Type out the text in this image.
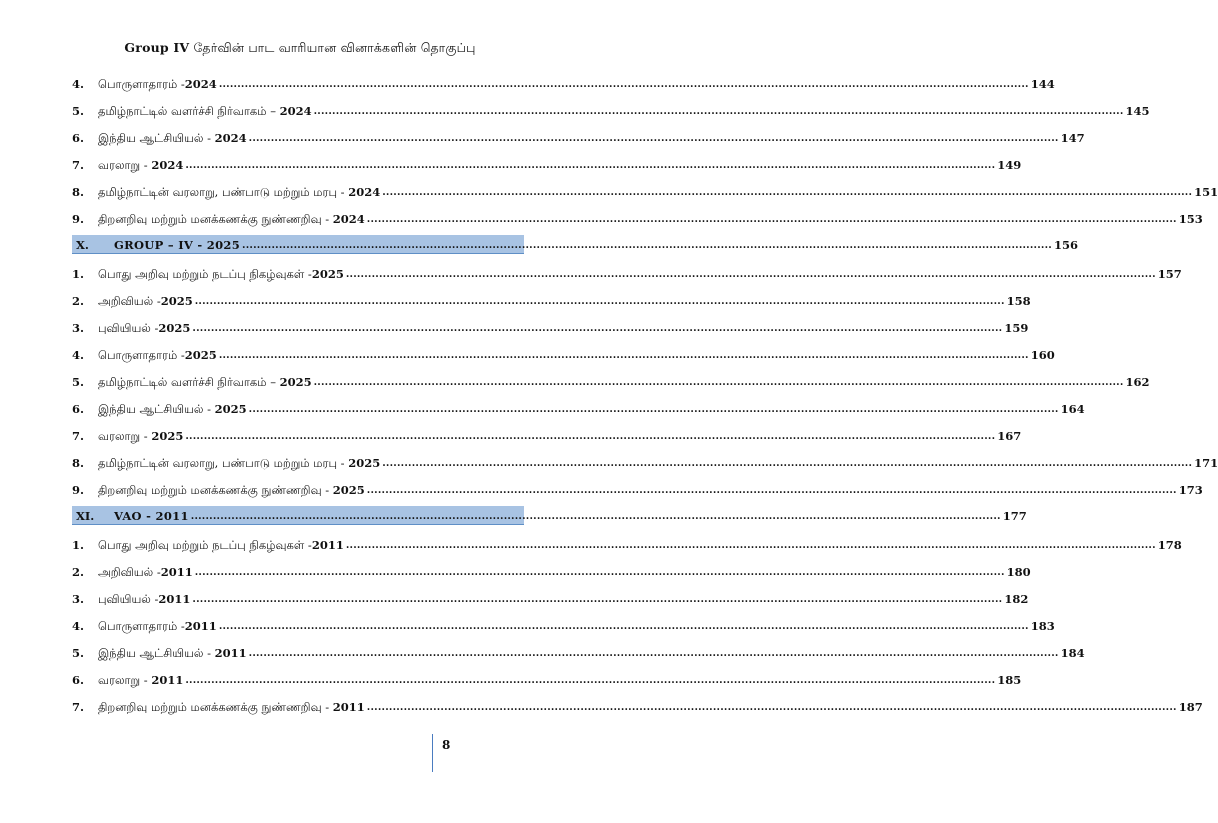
Group IV தேர்வின் பாட வாரியான வினாக்களின் தொகுப்பு
4.	பொருளாதாரம் -2024 ............................................................................................................................................................................................................................ 144
5.	தமிழ்நாட்டில் வளர்ச்சி நிர்வாகம் – 2024 ............................................................................................................................................................................................................................ 145
6.	இந்திய ஆட்சியியல் - 2024 ............................................................................................................................................................................................................................ 147
7.	வரலாறு - 2024 ............................................................................................................................................................................................................................ 149
8.	தமிழ்நாட்டின் வரலாறு, பண்பாடு மற்றும் மரபு - 2024 ............................................................................................................................................................................................................................ 151
9.	திறனறிவு மற்றும் மனக்கணக்கு நுண்ணறிவு - 2024 ............................................................................................................................................................................................................................ 153
X.	GROUP – IV - 2025 ............................................................................................................................................................................................................................ 156
1.	பொது அறிவு மற்றும் நடப்பு நிகழ்வுகள் -2025 ............................................................................................................................................................................................................................ 157
2.	அறிவியல் -2025 ............................................................................................................................................................................................................................ 158
3.	புவியியல் -2025 ............................................................................................................................................................................................................................ 159
4.	பொருளாதாரம் -2025 ............................................................................................................................................................................................................................ 160
5.	தமிழ்நாட்டில் வளர்ச்சி நிர்வாகம் – 2025 ............................................................................................................................................................................................................................ 162
6.	இந்திய ஆட்சியியல் - 2025 ............................................................................................................................................................................................................................ 164
7.	வரலாறு - 2025 ............................................................................................................................................................................................................................ 167
8.	தமிழ்நாட்டின் வரலாறு, பண்பாடு மற்றும் மரபு - 2025 ............................................................................................................................................................................................................................ 171
9.	திறனறிவு மற்றும் மனக்கணக்கு நுண்ணறிவு - 2025 ............................................................................................................................................................................................................................ 173
XI.	VAO - 2011 ............................................................................................................................................................................................................................ 177
1.	பொது அறிவு மற்றும் நடப்பு நிகழ்வுகள் -2011 ............................................................................................................................................................................................................................ 178
2.	அறிவியல் -2011 ............................................................................................................................................................................................................................ 180
3.	புவியியல் -2011 ............................................................................................................................................................................................................................ 182
4.	பொருளாதாரம் -2011 ............................................................................................................................................................................................................................ 183
5.	இந்திய ஆட்சியியல் - 2011 ............................................................................................................................................................................................................................ 184
6.	வரலாறு - 2011 ............................................................................................................................................................................................................................ 185
7.	திறனறிவு மற்றும் மனக்கணக்கு நுண்ணறிவு - 2011 ............................................................................................................................................................................................................................ 187
8
